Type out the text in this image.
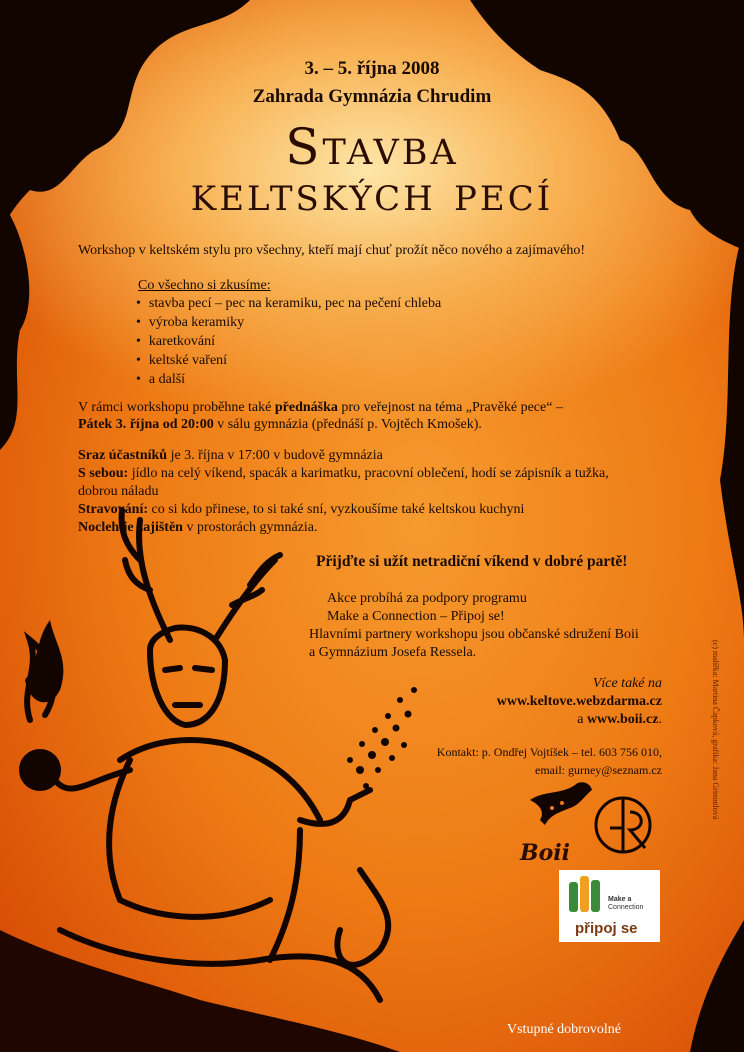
3. – 5. října 2008

Zahrada Gymnázia Chrudim

Stavba

keltských pecí

Workshop v keltském stylu pro všechny, kteří mají chuť prožít něco nového a zajímavého!

Co všechno si zkusíme:

• stavba pecí – pec na keramiku, pec na pečení chleba
• výroba keramiky
• karetkování
• keltské vaření
• a další

V rámci workshopu proběhne také přednáška pro veřejnost na téma „Pravěké pece“ –

Pátek 3. října od 20:00 v sálu gymnázia (přednáší p. Vojtěch Kmošek).

Sraz účastníků je 3. října v 17:00 v budově gymnázia

S sebou: jídlo na celý víkend, spacák a karimatku, pracovní oblečení, hodí se zápisník a tužka,

dobrou náladu

Stravování: co si kdo přinese, to si také sní, vyzkoušíme také keltskou kuchyni

Nocleh je zajištěn v prostorách gymnázia.

Přijďte si užít netradiční víkend v dobré partě!

Akce probíhá za podpory programu

Make a Connection – Připoj se!

Hlavními partnery workshopu jsou občanské sdružení Boii

a Gymnázium Josefa Ressela.

Více také na

www.keltove.webzdarma.cz

a www.boii.cz.

Kontakt: p. Ondřej Vojtíšek – tel. 603 756 010,

email: gurney@seznam.cz

Boii

Make a
Connection
připoj se
(c) malířka: Martina Čapková, grafika: Jana Grimmlová

Vstupné dobrovolné
